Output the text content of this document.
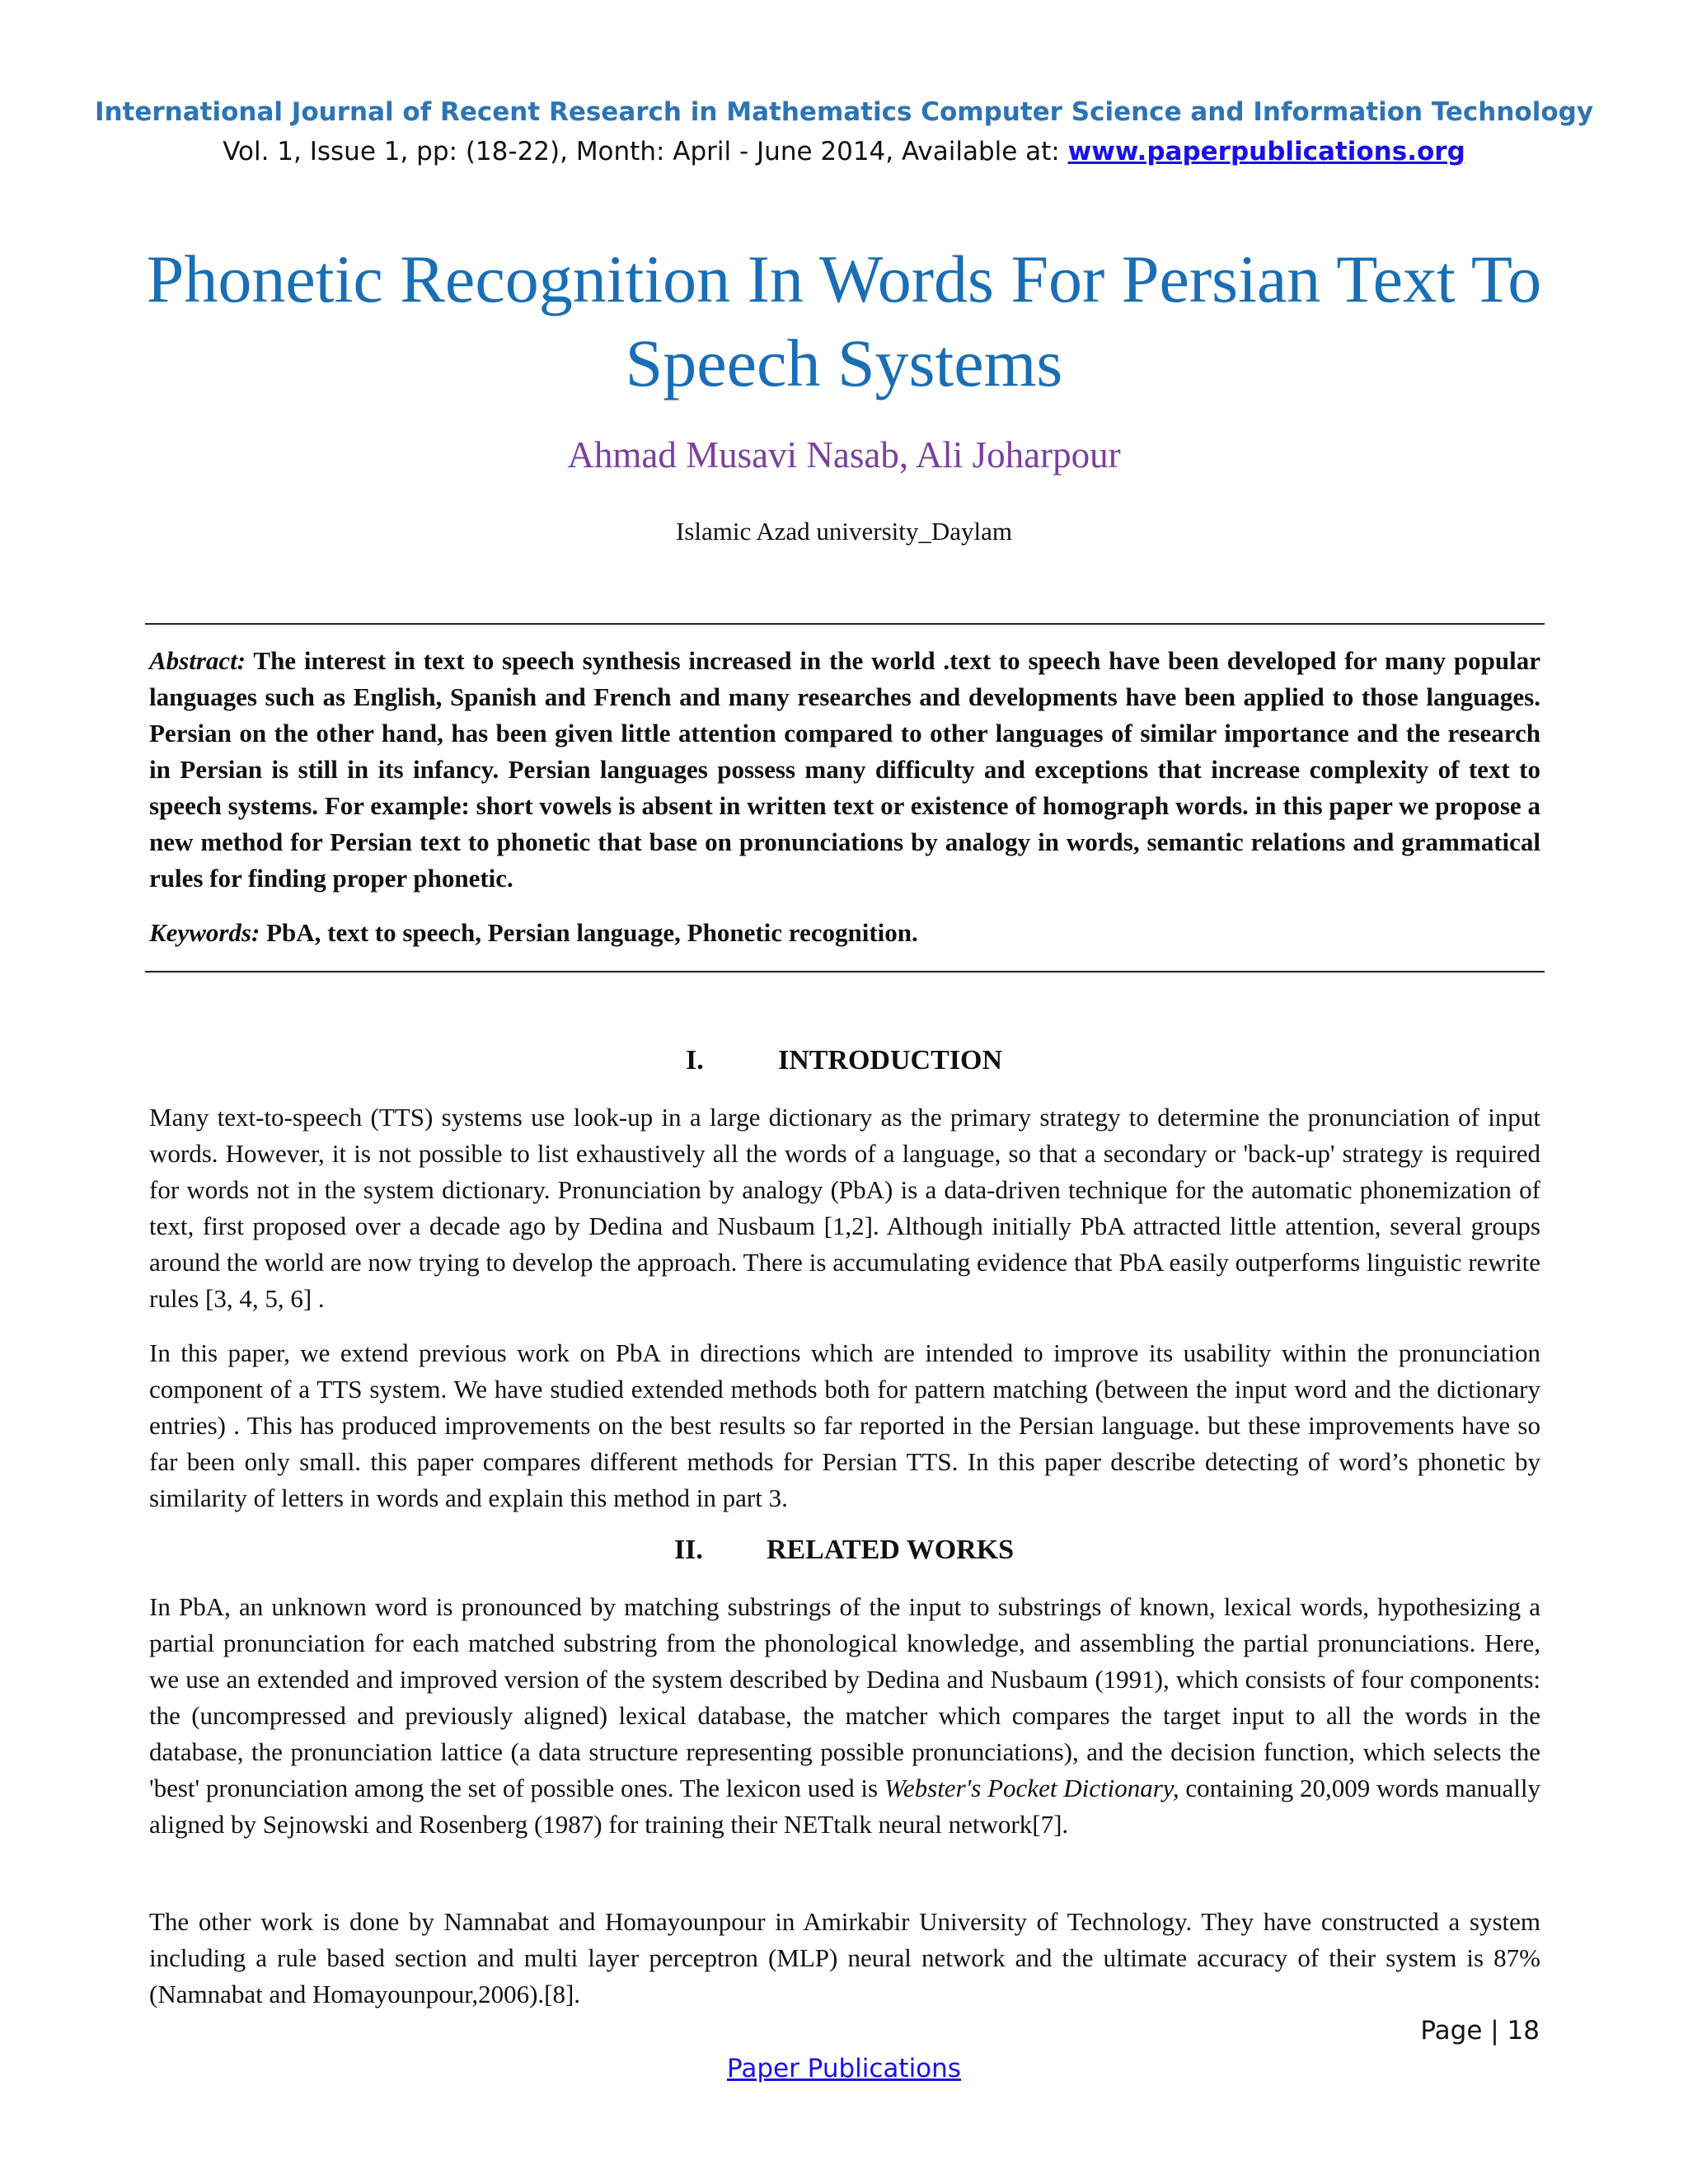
International Journal of Recent Research in Mathematics Computer Science and Information Technology
Vol. 1, Issue 1, pp: (18-22), Month: April - June 2014, Available at: www.paperpublications.org
Phonetic Recognition In Words For Persian Text To Speech Systems
Ahmad Musavi Nasab, Ali Joharpour
Islamic Azad university_Daylam

Abstract: The interest in text to speech synthesis increased in the world .text to speech have been developed for many popular languages such as English, Spanish and French and many researches and developments have been applied to those languages. Persian on the other hand, has been given little attention compared to other languages of similar importance and the research in Persian is still in its infancy. Persian languages possess many difficulty and exceptions that increase complexity of text to speech systems. For example: short vowels is absent in written text or existence of homograph words. in this paper we propose a new method for Persian text to phonetic that base on pronunciations by analogy in words, semantic relations and grammatical rules for finding proper phonetic.

Keywords: PbA, text to speech, Persian language, Phonetic recognition.

I.	INTRODUCTION
Many text-to-speech (TTS) systems use look-up in a large dictionary as the primary strategy to determine the pronunciation of input words. However, it is not possible to list exhaustively all the words of a language, so that a secondary or 'back-up' strategy is required for words not in the system dictionary. Pronunciation by analogy (PbA) is a data-driven technique for the automatic phonemization of text, first proposed over a decade ago by Dedina and Nusbaum [1,2]. Although initially PbA attracted little attention, several groups around the world are now trying to develop the approach. There is accumulating evidence that PbA easily outperforms linguistic rewrite rules [3, 4, 5, 6] .
In this paper, we extend previous work on PbA in directions which are intended to improve its usability within the pronunciation component of a TTS system. We have studied extended methods both for pattern matching (between the input word and the dictionary entries) . This has produced improvements on the best results so far reported in the Persian language. but these improvements have so far been only small. this paper compares different methods for Persian TTS. In this paper describe detecting of word’s phonetic by similarity of letters in words and explain this method in part 3.
II. RELATED WORKS
In PbA, an unknown word is pronounced by matching substrings of the input to substrings of known, lexical words, hypothesizing a partial pronunciation for each matched substring from the phonological knowledge, and assembling the partial pronunciations. Here, we use an extended and improved version of the system described by Dedina and Nusbaum (1991), which consists of four components: the (uncompressed and previously aligned) lexical database, the matcher which compares the target input to all the words in the database, the pronunciation lattice (a data structure representing possible pronunciations), and the decision function, which selects the 'best' pronunciation among the set of possible ones. The lexicon used is Webster's Pocket Dictionary, containing 20,009 words manually aligned by Sejnowski and Rosenberg (1987) for training their NETtalk neural network[7].
The other work is done by Namnabat and Homayounpour in Amirkabir University of Technology. They have constructed a system including a rule based section and multi layer perceptron (MLP) neural network and the ultimate accuracy of their system is 87% (Namnabat and Homayounpour,2006).[8].
Page | 18
Paper Publications
